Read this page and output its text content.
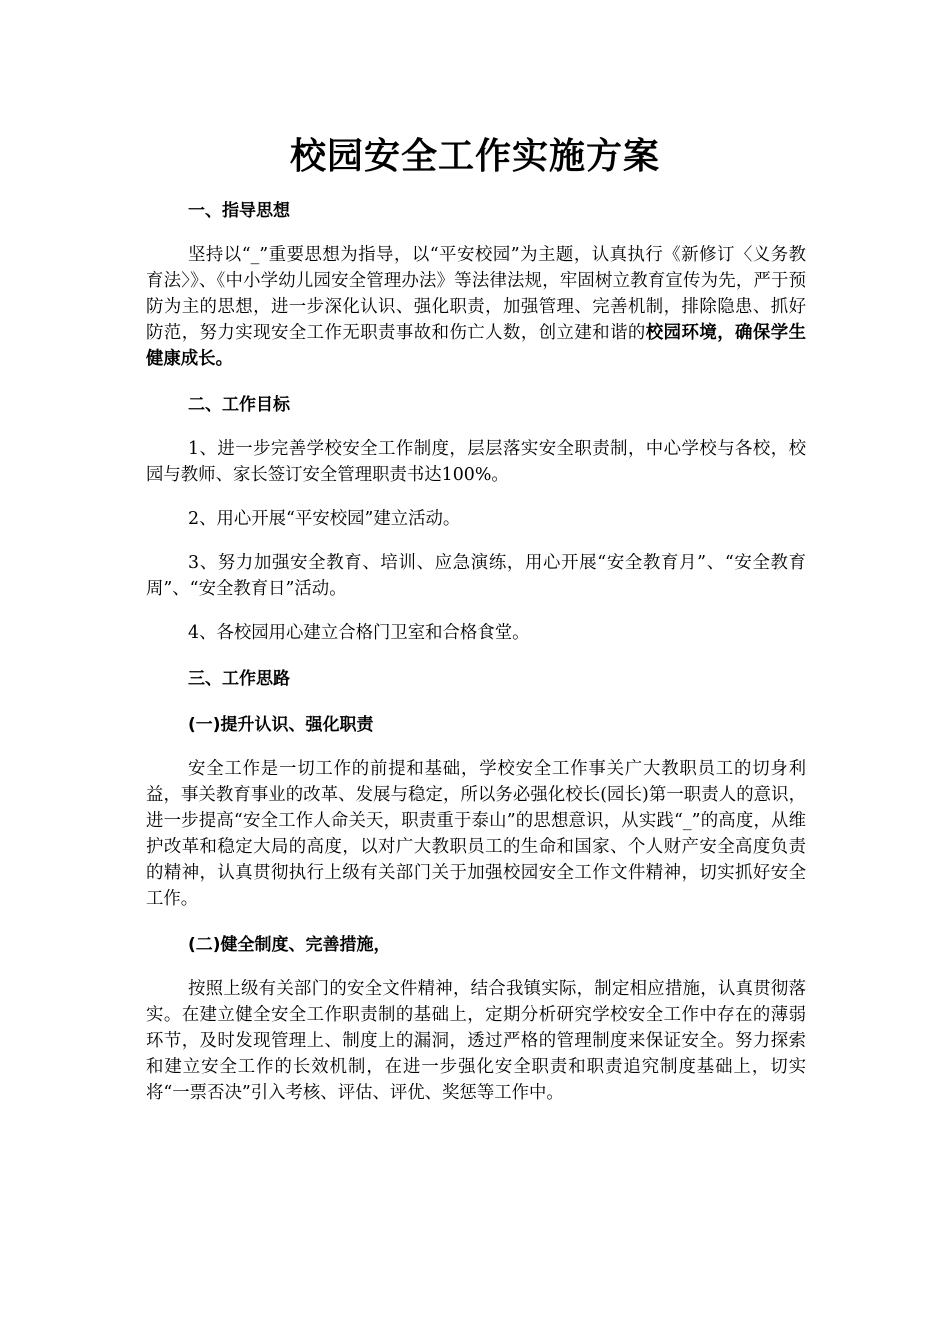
校园安全工作实施方案

一、指导思想

坚持以“_”重要思想为指导，以“平安校园”为主题，认真执行《新修订〈义务教育法〉》、《中小学幼儿园安全管理办法》等法律法规，牢固树立教育宣传为先，严于预防为主的思想，进一步深化认识、强化职责，加强管理、完善机制，排除隐患、抓好防范，努力实现安全工作无职责事故和伤亡人数，创立建和谐的校园环境，确保学生健康成长。

二、工作目标

1、进一步完善学校安全工作制度，层层落实安全职责制，中心学校与各校，校园与教师、家长签订安全管理职责书达100%。

2、用心开展“平安校园”建立活动。

3、努力加强安全教育、培训、应急演练，用心开展“安全教育月”、“安全教育周”、“安全教育日”活动。

4、各校园用心建立合格门卫室和合格食堂。

三、工作思路

(一)提升认识、强化职责

安全工作是一切工作的前提和基础，学校安全工作事关广大教职员工的切身利益，事关教育事业的改革、发展与稳定，所以务必强化校长(园长)第一职责人的意识，进一步提高“安全工作人命关天，职责重于泰山”的思想意识，从实践“_”的高度，从维护改革和稳定大局的高度，以对广大教职员工的生命和国家、个人财产安全高度负责的精神，认真贯彻执行上级有关部门关于加强校园安全工作文件精神，切实抓好安全工作。

(二)健全制度、完善措施，

按照上级有关部门的安全文件精神，结合我镇实际，制定相应措施，认真贯彻落实。在建立健全安全工作职责制的基础上，定期分析研究学校安全工作中存在的薄弱环节，及时发现管理上、制度上的漏洞，透过严格的管理制度来保证安全。努力探索和建立安全工作的长效机制，在进一步强化安全职责和职责追究制度基础上，切实将“一票否决”引入考核、评估、评优、奖惩等工作中。
